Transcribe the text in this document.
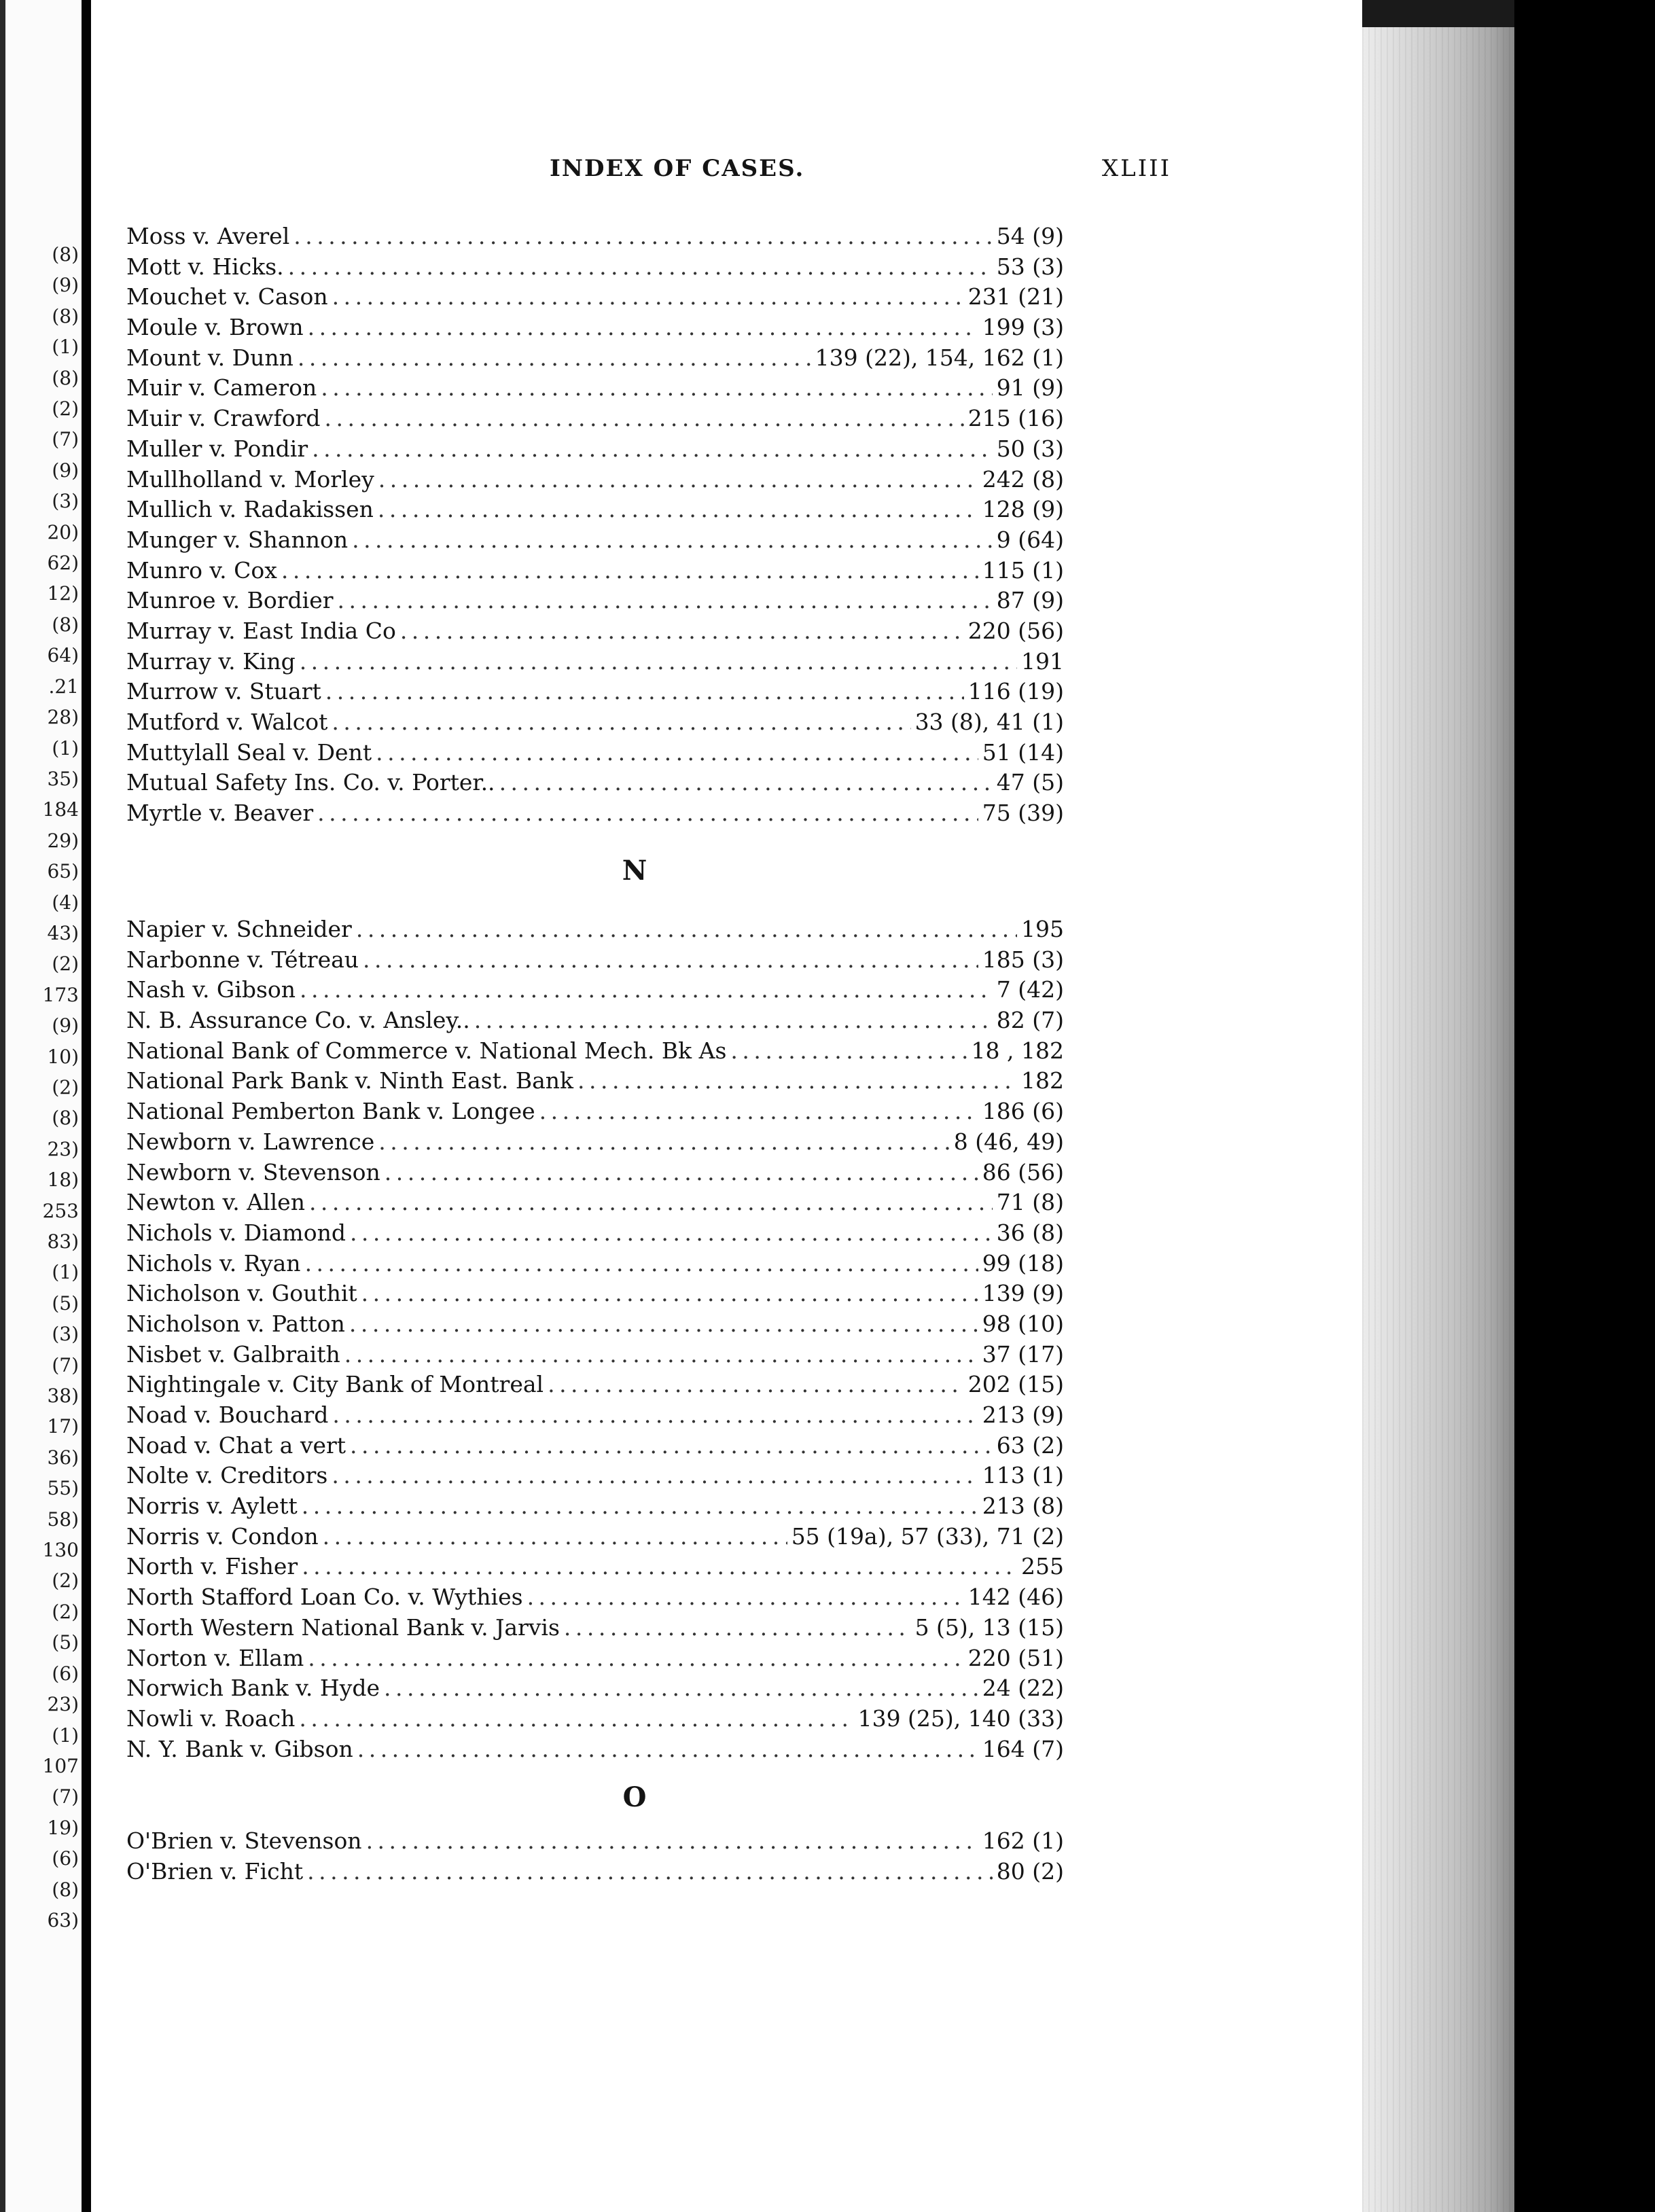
(8)
(9)
(8)
(1)
(8)
(2)
(7)
(9)
(3)
20)
62)
12)
(8)
64)
.21
28)
(1)
35)
184
29)
65)
(4)
43)
(2)
173
(9)
10)
(2)
(8)
23)
18)
253
83)
(1)
(5)
(3)
(7)
38)
17)
36)
55)
58)
130
(2)
(2)
(5)
(6)
23)
(1)
107
(7)
19)
(6)
(8)
63)
INDEX OF CASES.	XLIII
Moss v. Averel . . .	54 (9)
Mott v. Hicks. . . .	53 (3)
Mouchet v. Cason . . .	231 (21)
Moule v. Brown . . .	199 (3)
Mount v. Dunn . . .	139 (22), 154, 162 (1)
Muir v. Cameron . . .	91 (9)
Muir v. Crawford . . .	215 (16)
Muller v. Pondir . . .	50 (3)
Mullholland v. Morley . . .	242 (8)
Mullich v. Radakissen . . .	128 (9)
Munger v. Shannon . . .	9 (64)
Munro v. Cox . . .	115 (1)
Munroe v. Bordier . . .	87 (9)
Murray v. East India Co . . .	220 (56)
Murray v. King . . .	191
Murrow v. Stuart . . .	116 (19)
Mutford v. Walcot . . .	33 (8), 41 (1)
Muttylall Seal v. Dent . . .	51 (14)
Mutual Safety Ins. Co. v. Porter.. . . .	47 (5)
Myrtle v. Beaver . . .	75 (39)
N
Napier v. Schneider . . .	195
Narbonne v. Tétreau . . .	185 (3)
Nash v. Gibson . . .	7 (42)
N. B. Assurance Co. v. Ansley.. . . .	82 (7)
National Bank of Commerce v. National Mech. Bk As . . .	18 , 182
National Park Bank v. Ninth East. Bank . . .	182
National Pemberton Bank v. Longee . . .	186 (6)
Newborn v. Lawrence . . .	8 (46, 49)
Newborn v. Stevenson . . .	86 (56)
Newton v. Allen . . .	71 (8)
Nichols v. Diamond . . .	36 (8)
Nichols v. Ryan . . .	99 (18)
Nicholson v. Gouthit . . .	139 (9)
Nicholson v. Patton . . .	98 (10)
Nisbet v. Galbraith . . .	37 (17)
Nightingale v. City Bank of Montreal . . .	202 (15)
Noad v. Bouchard . . .	213 (9)
Noad v. Chat a vert . . .	63 (2)
Nolte v. Creditors . . .	113 (1)
Norris v. Aylett . . .	213 (8)
Norris v. Condon . . .	55 (19a), 57 (33), 71 (2)
North v. Fisher . . .	255
North Stafford Loan Co. v. Wythies . . .	142 (46)
North Western National Bank v. Jarvis . . .	5 (5), 13 (15)
Norton v. Ellam . . .	220 (51)
Norwich Bank v. Hyde . . .	24 (22)
Nowli v. Roach . . .	139 (25), 140 (33)
N. Y. Bank v. Gibson . . .	164 (7)
O
O'Brien v. Stevenson . . .	162 (1)
O'Brien v. Ficht . . .	80 (2)
